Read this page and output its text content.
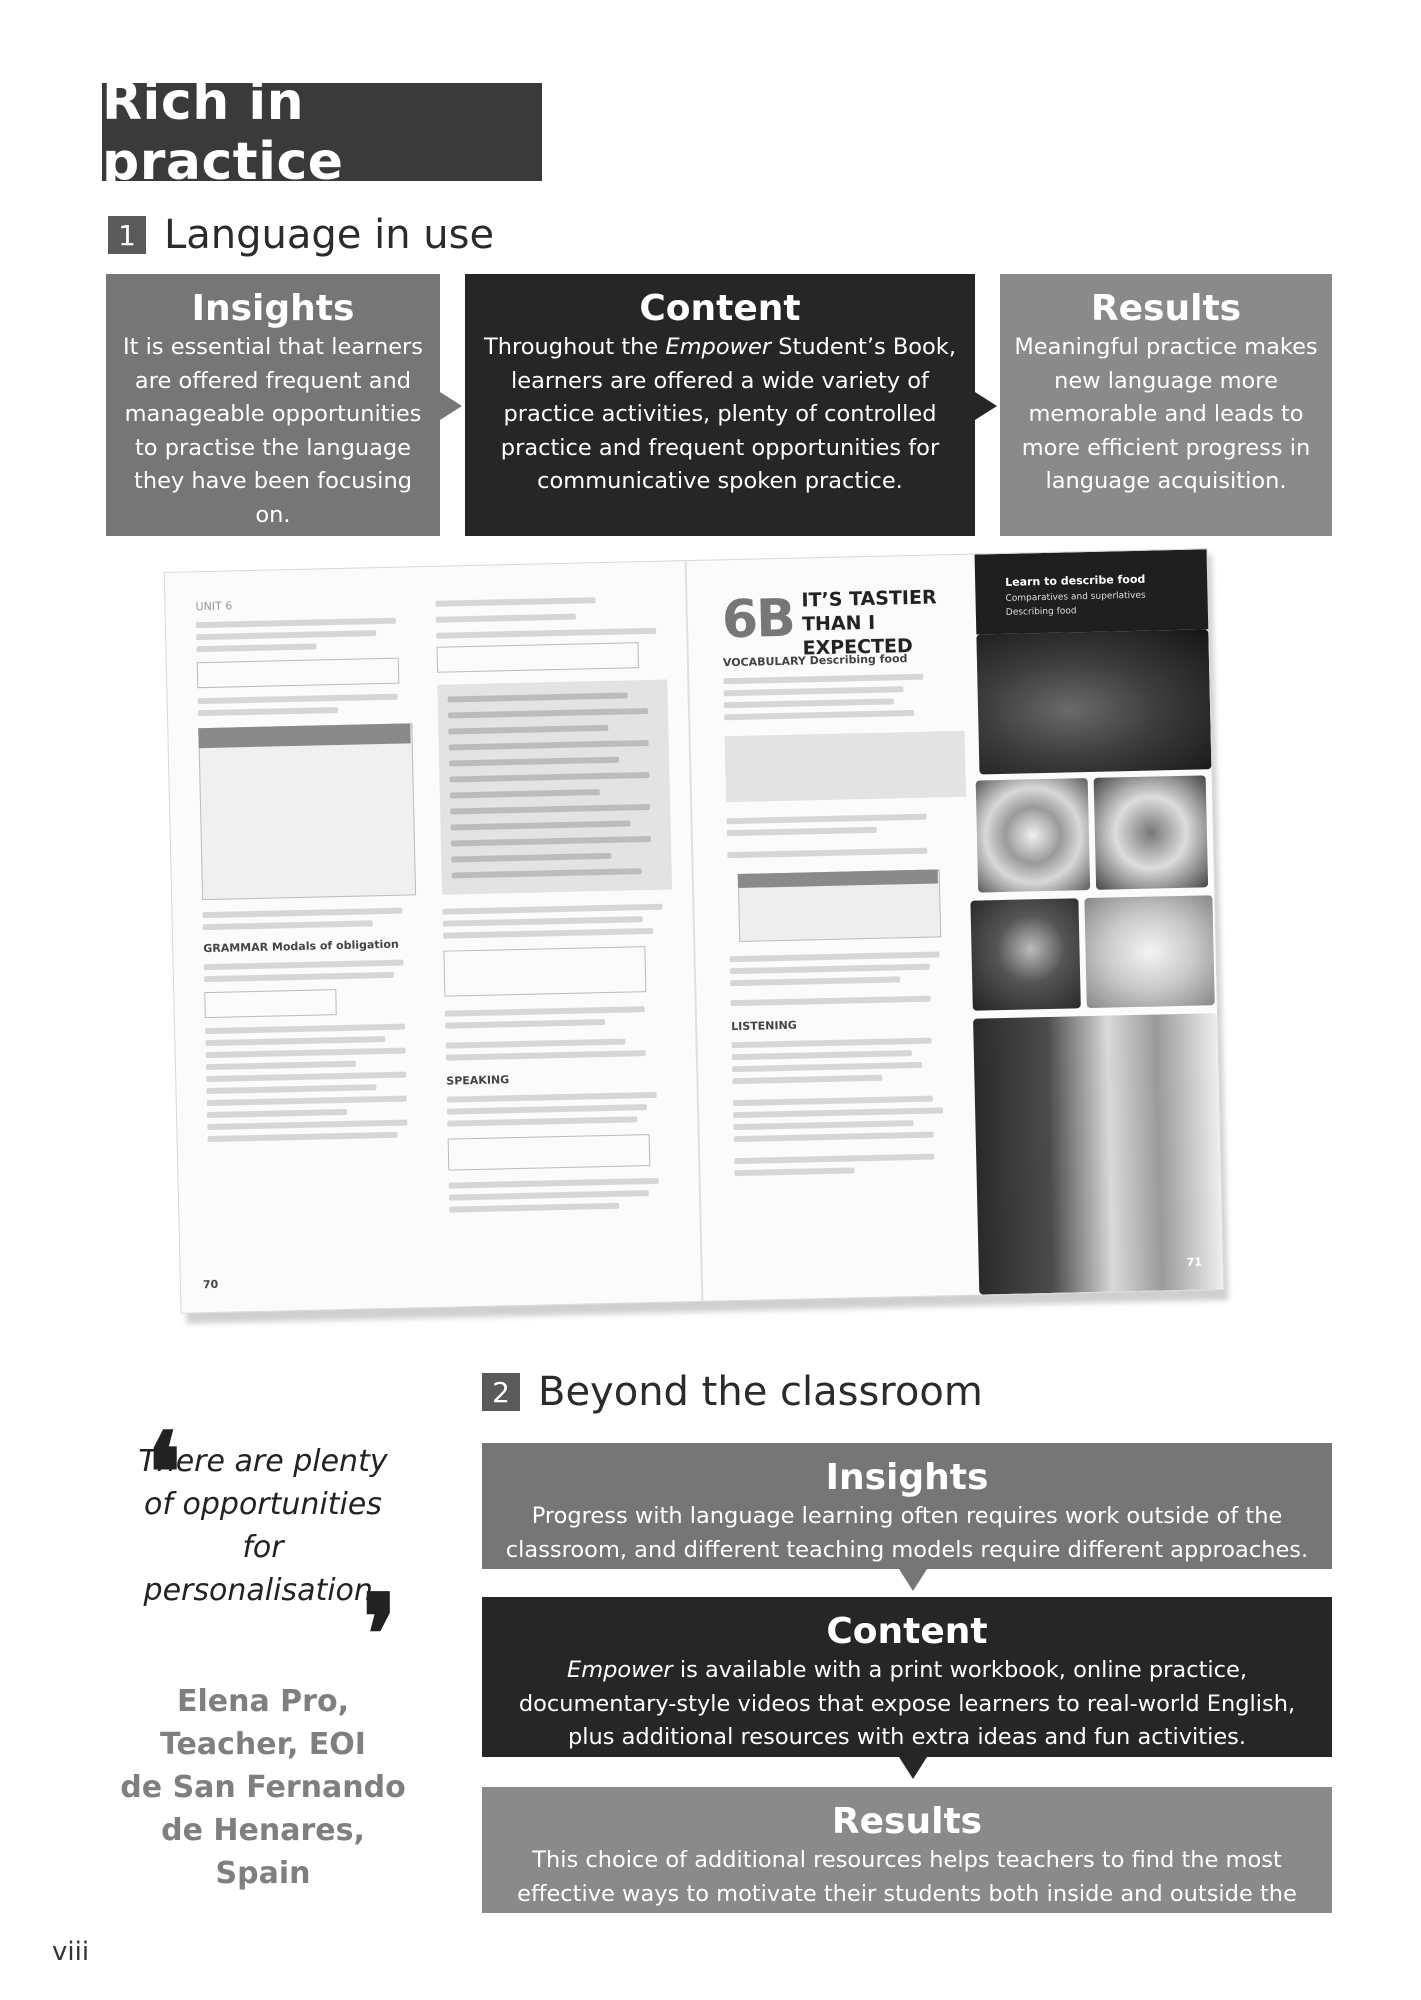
Rich in practice
1 Language in use
Insights

It is essential that learners are offered frequent and manageable opportunities to practise the language they have been focusing on.

Content

Throughout the Empower Student’s Book, learners are offered a wide variety of practice activities, plenty of controlled practice and frequent opportunities for communicative spoken practice.

Results

Meaningful practice makes new language more memorable and leads to more efficient progress in language acquisition.

UNIT 6
GRAMMAR Modals of obligation
70
SPEAKING
6B IT’S TASTIER THAN I EXPECTED
Learn to describe food
Comparatives and superlatives
Describing food
VOCABULARY Describing food
LISTENING
71
2 Beyond the classroom
Insights

Progress with language learning often requires work outside of the classroom, and different teaching models require different approaches.

Content

Empower is available with a print workbook, online practice, documentary-style videos that expose learners to real-world English, plus additional resources with extra ideas and fun activities.

Results

This choice of additional resources helps teachers to find the most effective ways to motivate their students both inside and outside the classroom.

There are plenty of opportunities for personalisation.

❛
❜
Elena Pro,
Teacher, EOI
de San Fernando de Henares, Spain
viii
